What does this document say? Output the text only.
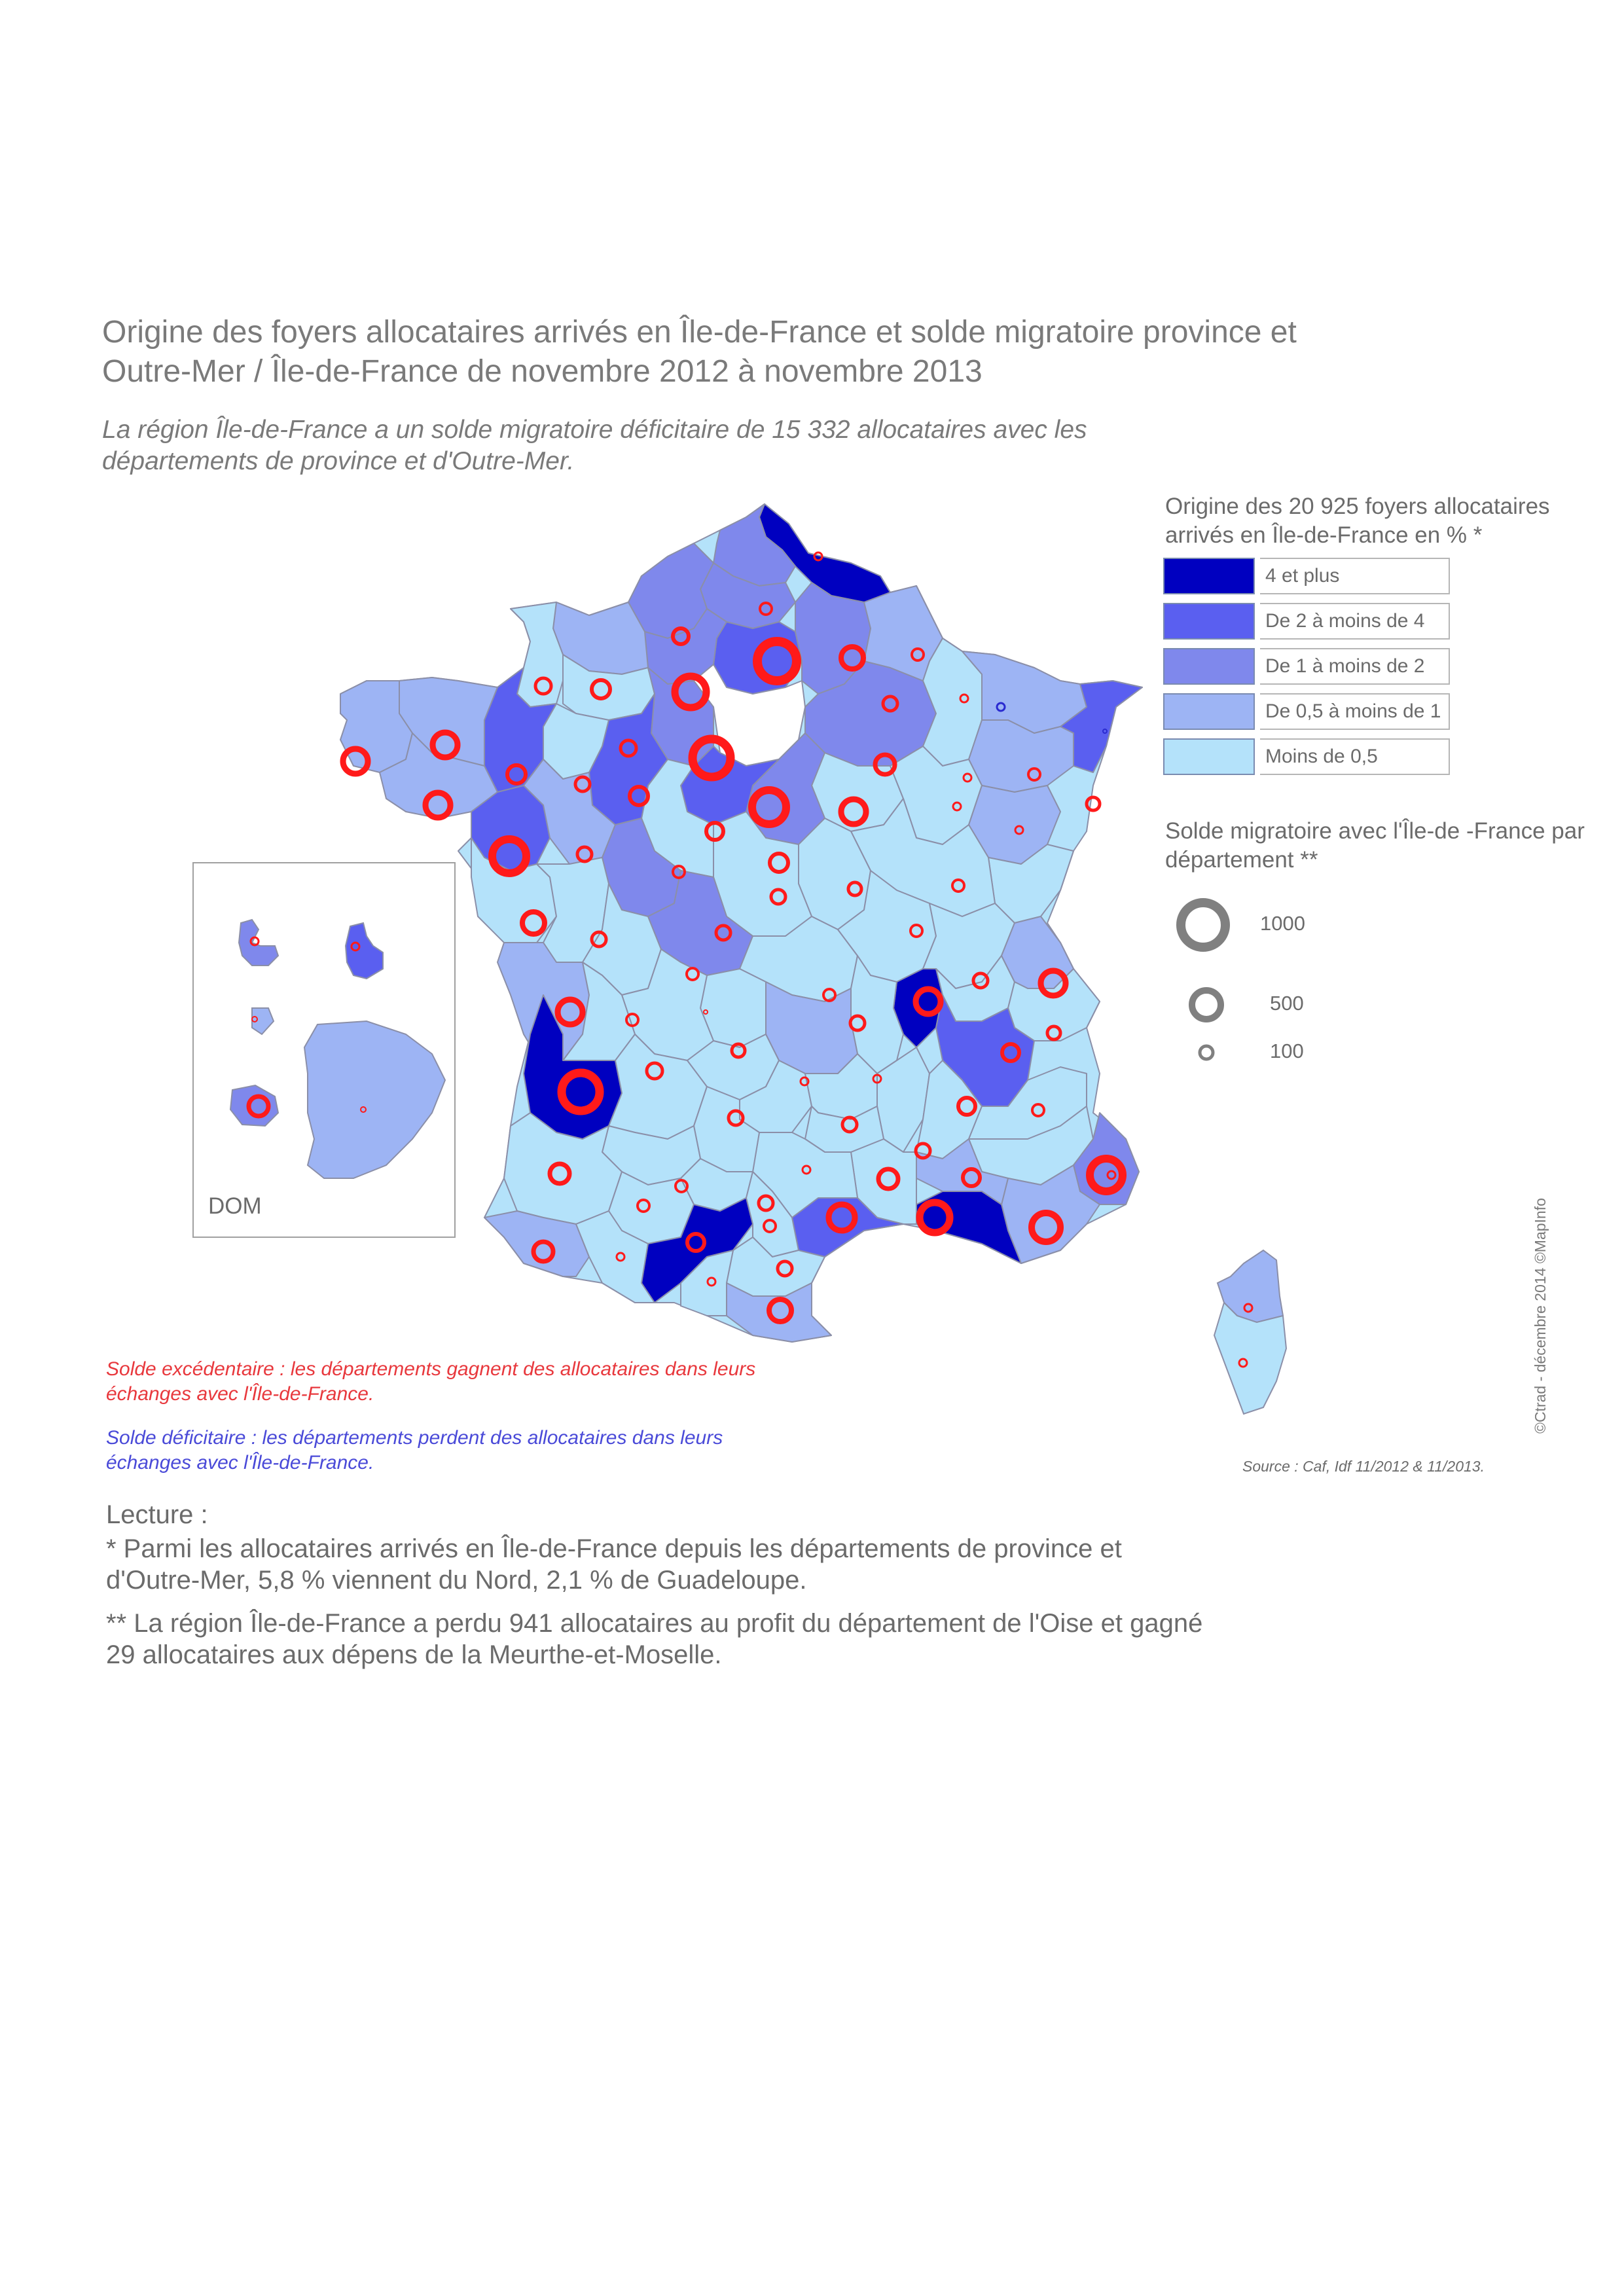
Origine des foyers allocataires arrivés en Île-de-France et solde migratoire province et Outre-Mer / Île-de-France de novembre 2012 à novembre 2013
La région Île-de-France a un solde migratoire déficitaire de 15 332 allocataires avec les départements de province et d'Outre-Mer.
Origine des 20 925 foyers allocataires arrivés en Île-de-France en % *
4 et plus
De 2 à moins de 4
De 1 à moins de 2
De 0,5 à moins de 1
Moins de 0,5
Solde migratoire avec l'Île-de -France par département **
1000
500
100
DOM	©Ctrad - décembre 2014 ©MapInfo
Source : Caf, Idf 11/2012 & 11/2013.
Solde excédentaire : les départements gagnent des allocataires dans leurs échanges avec l'Île-de-France.
Solde déficitaire : les départements perdent des allocataires dans leurs échanges avec l'Île-de-France.

Lecture :

* Parmi les allocataires arrivés en Île-de-France depuis les départements de province et d'Outre-Mer, 5,8 % viennent du Nord, 2,1 % de Guadeloupe.

** La région Île-de-France a perdu 941 allocataires au profit du département de l'Oise et gagné 29 allocataires aux dépens de la Meurthe-et-Moselle.
